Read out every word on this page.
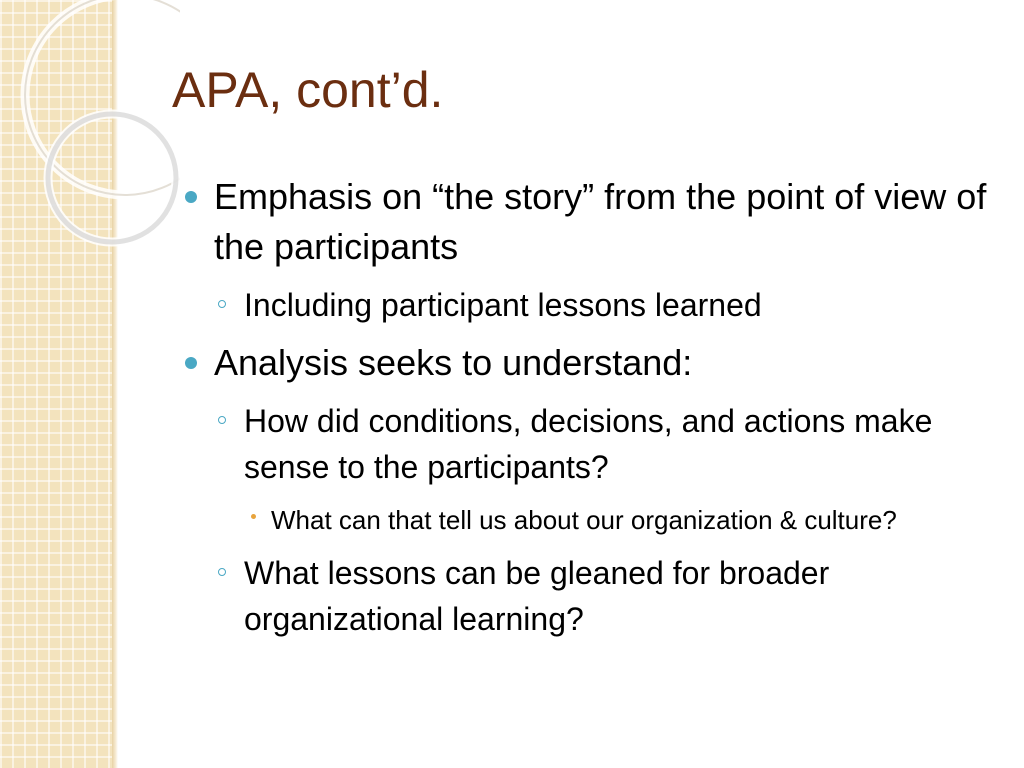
APA, cont’d.
Emphasis on “the story” from the point of view of the participants
Including participant lessons learned
Analysis seeks to understand:
How did conditions, decisions, and actions make sense to the participants?
What can that tell us about our organization & culture?
What lessons can be gleaned for broader organizational learning?
